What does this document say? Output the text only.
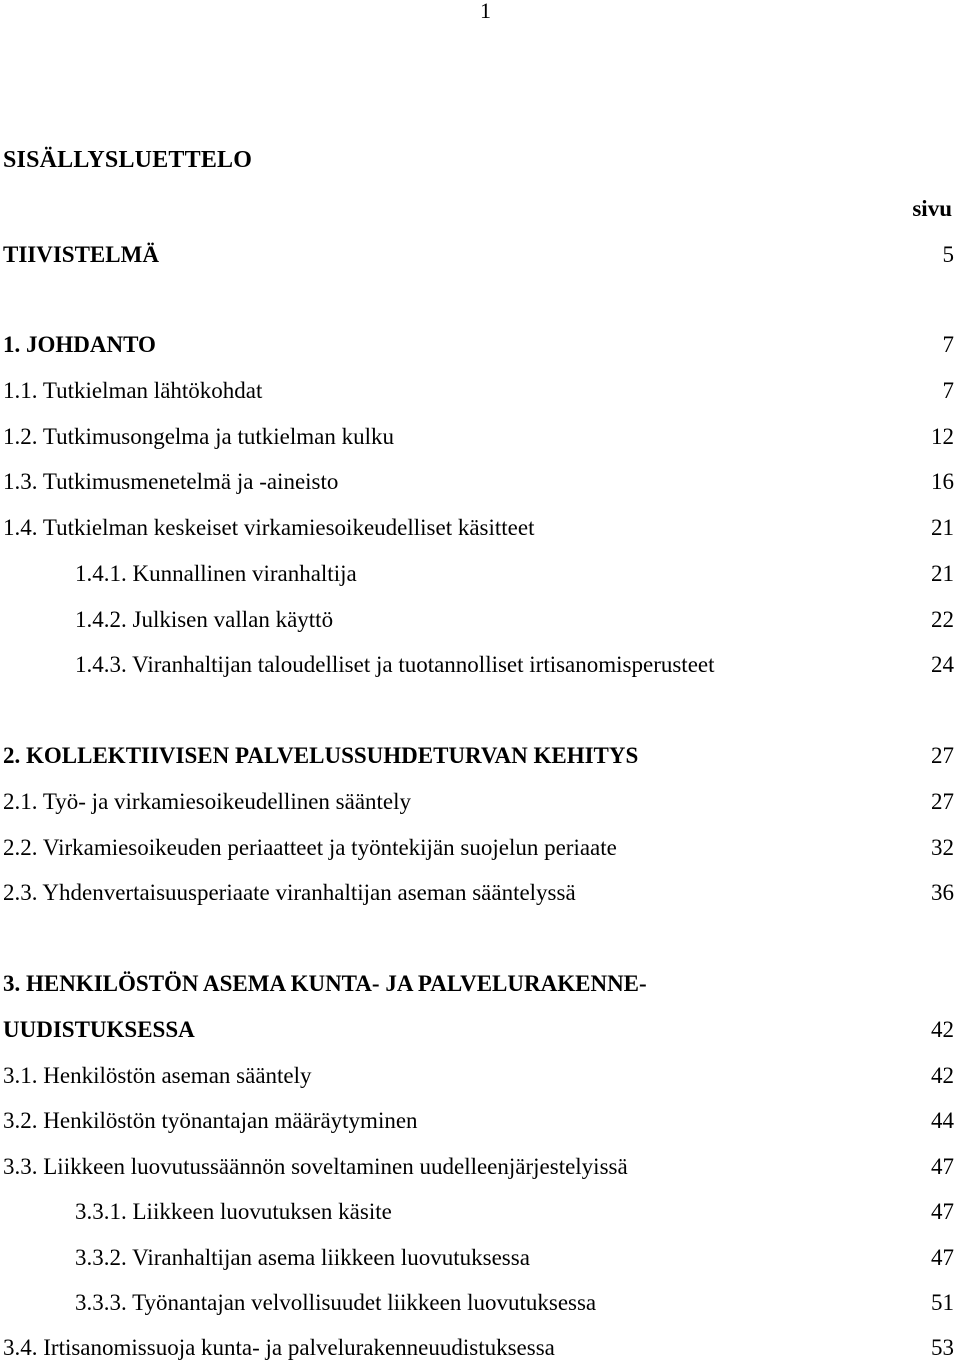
1
SISÄLLYSLUETTELO
sivu
TIIVISTELMÄ	5
1. JOHDANTO	7
1.1. Tutkielman lähtökohdat	7
1.2. Tutkimusongelma ja tutkielman kulku	12
1.3. Tutkimusmenetelmä ja -aineisto	16
1.4. Tutkielman keskeiset virkamiesoikeudelliset käsitteet	21
1.4.1. Kunnallinen viranhaltija	21
1.4.2. Julkisen vallan käyttö	22
1.4.3. Viranhaltijan taloudelliset ja tuotannolliset irtisanomisperusteet	24
2. KOLLEKTIIVISEN PALVELUSSUHDETURVAN KEHITYS	27
2.1. Työ- ja virkamiesoikeudellinen sääntely	27
2.2. Virkamiesoikeuden periaatteet ja työntekijän suojelun periaate	32
2.3. Yhdenvertaisuusperiaate viranhaltijan aseman sääntelyssä	36
3. HENKILÖSTÖN ASEMA KUNTA- JA PALVELURAKENNE-
UUDISTUKSESSA	42
3.1. Henkilöstön aseman sääntely	42
3.2. Henkilöstön työnantajan määräytyminen	44
3.3. Liikkeen luovutussäännön soveltaminen uudelleenjärjestelyissä	47
3.3.1. Liikkeen luovutuksen käsite	47
3.3.2. Viranhaltijan asema liikkeen luovutuksessa	47
3.3.3. Työnantajan velvollisuudet liikkeen luovutuksessa	51
3.4. Irtisanomissuoja kunta- ja palvelurakenneuudistuksessa	53
